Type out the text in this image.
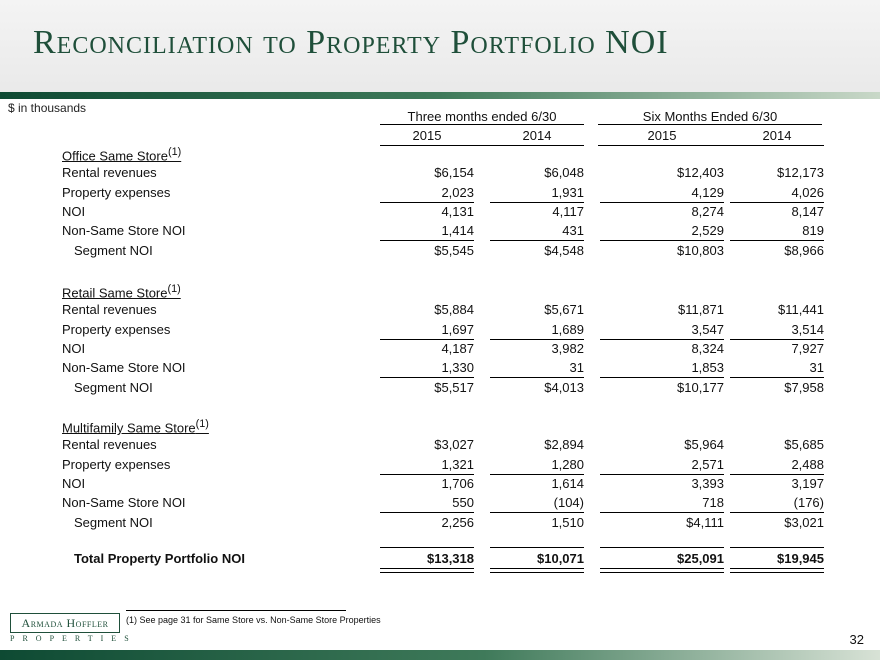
Reconciliation to Property Portfolio NOI
$ in thousands
Three months ended 6/30	Six Months Ended 6/30
2015	2014	2015	2014
Office Same Store$^{(1)}$
Rental revenues	$6,154	$6,048	$12,403	$12,173
Property expenses	2,023	1,931	4,129	4,026
NOI	4,131	4,117	8,274	8,147
Non-Same Store NOI	1,414	431	2,529	819
Segment NOI	$5,545	$4,548	$10,803	$8,966
Retail Same Store$^{(1)}$
Rental revenues	$5,884	$5,671	$11,871	$11,441
Property expenses	1,697	1,689	3,547	3,514
NOI	4,187	3,982	8,324	7,927
Non-Same Store NOI	1,330	31	1,853	31
Segment NOI	$5,517	$4,013	$10,177	$7,958
Multifamily Same Store$^{(1)}$
Rental revenues	$3,027	$2,894	$5,964	$5,685
Property expenses	1,321	1,280	2,571	2,488
NOI	1,706	1,614	3,393	3,197
Non-Same Store NOI	550	(104)	718	(176)
Segment NOI	2,256	1,510	$4,111	$3,021
Total Property Portfolio NOI	$13,318	$10,071	$25,091	$19,945
Armada Hoffler
PROPERTIES
(1) See page 31 for Same Store vs. Non-Same Store Properties
32
